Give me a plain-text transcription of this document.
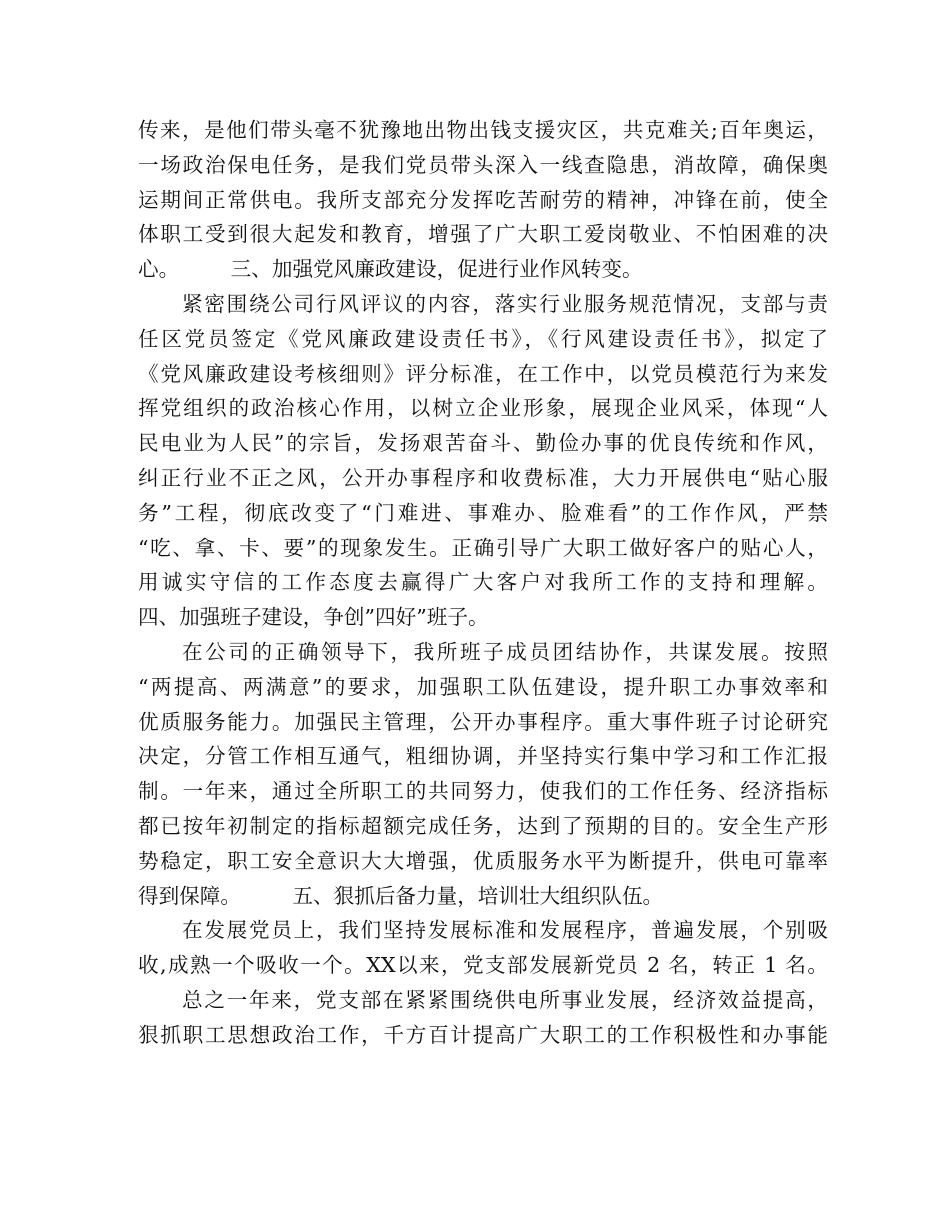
传来，是他们带头毫不犹豫地出物出钱支援灾区，共克难关;百年奥运，
一场政治保电任务，是我们党员带头深入一线查隐患，消故障，确保奥
运期间正常供电。我所支部充分发挥吃苦耐劳的精神，冲锋在前，使全
体职工受到很大起发和教育，增强了广大职工爱岗敬业、不怕困难的决
心。　　　三、加强党风廉政建设，促进行业作风转变。
紧密围绕公司行风评议的内容，落实行业服务规范情况，支部与责
任区党员签定《党风廉政建设责任书》，《行风建设责任书》，拟定了
《党风廉政建设考核细则》评分标准，在工作中，以党员模范行为来发
挥党组织的政治核心作用，以树立企业形象，展现企业风采，体现“人
民电业为人民”的宗旨，发扬艰苦奋斗、勤俭办事的优良传统和作风，
纠正行业不正之风，公开办事程序和收费标准，大力开展供电“贴心服
务”工程，彻底改变了“门难进、事难办、脸难看”的工作作风，严禁
“吃、拿、卡、要”的现象发生。正确引导广大职工做好客户的贴心人，
用诚实守信的工作态度去赢得广大客户对我所工作的支持和理解。
四、加强班子建设，争创”四好”班子。
在公司的正确领导下，我所班子成员团结协作，共谋发展。按照
“两提高、两满意”的要求，加强职工队伍建设，提升职工办事效率和
优质服务能力。加强民主管理，公开办事程序。重大事件班子讨论研究
决定，分管工作相互通气，粗细协调，并坚持实行集中学习和工作汇报
制。一年来，通过全所职工的共同努力，使我们的工作任务、经济指标
都已按年初制定的指标超额完成任务，达到了预期的目的。安全生产形
势稳定，职工安全意识大大增强，优质服务水平为断提升，供电可靠率
得到保障。　　　五、狠抓后备力量，培训壮大组织队伍。
在发展党员上，我们坚持发展标准和发展程序，普遍发展，个别吸
收,成熟一个吸收一个。XX以来，党支部发展新党员 2 名，转正 1 名。
总之一年来，党支部在紧紧围绕供电所事业发展，经济效益提高，
狠抓职工思想政治工作，千方百计提高广大职工的工作积极性和办事能
